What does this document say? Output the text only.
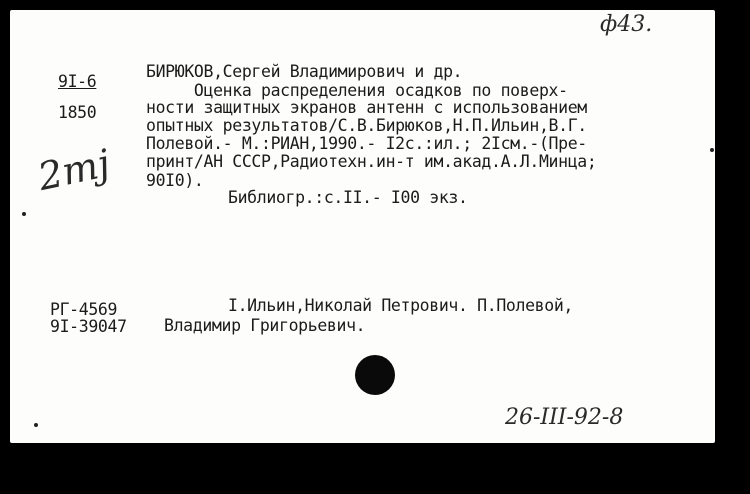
ф43.
9I-6
1850
2mj
БИРЮКОВ,Сергей Владимирович и др.
Оценка распределения осадков по поверх-
ности защитных экранов антенн с использованием
опытных результатов/С.В.Бирюков,Н.П.Ильин,В.Г.
Полевой.- М.:РИАН,1990.- I2с.:ил.; 2Iсм.-(Пре-
принт/АН СССР,Радиотехн.ин-т им.акад.А.Л.Минца;
90I0).
Библиогр.:с.II.- I00 экз.
РГ-4569
9I-39047
I.Ильин,Николай Петрович. П.Полевой,
Владимир Григорьевич.
26-III-92-8
